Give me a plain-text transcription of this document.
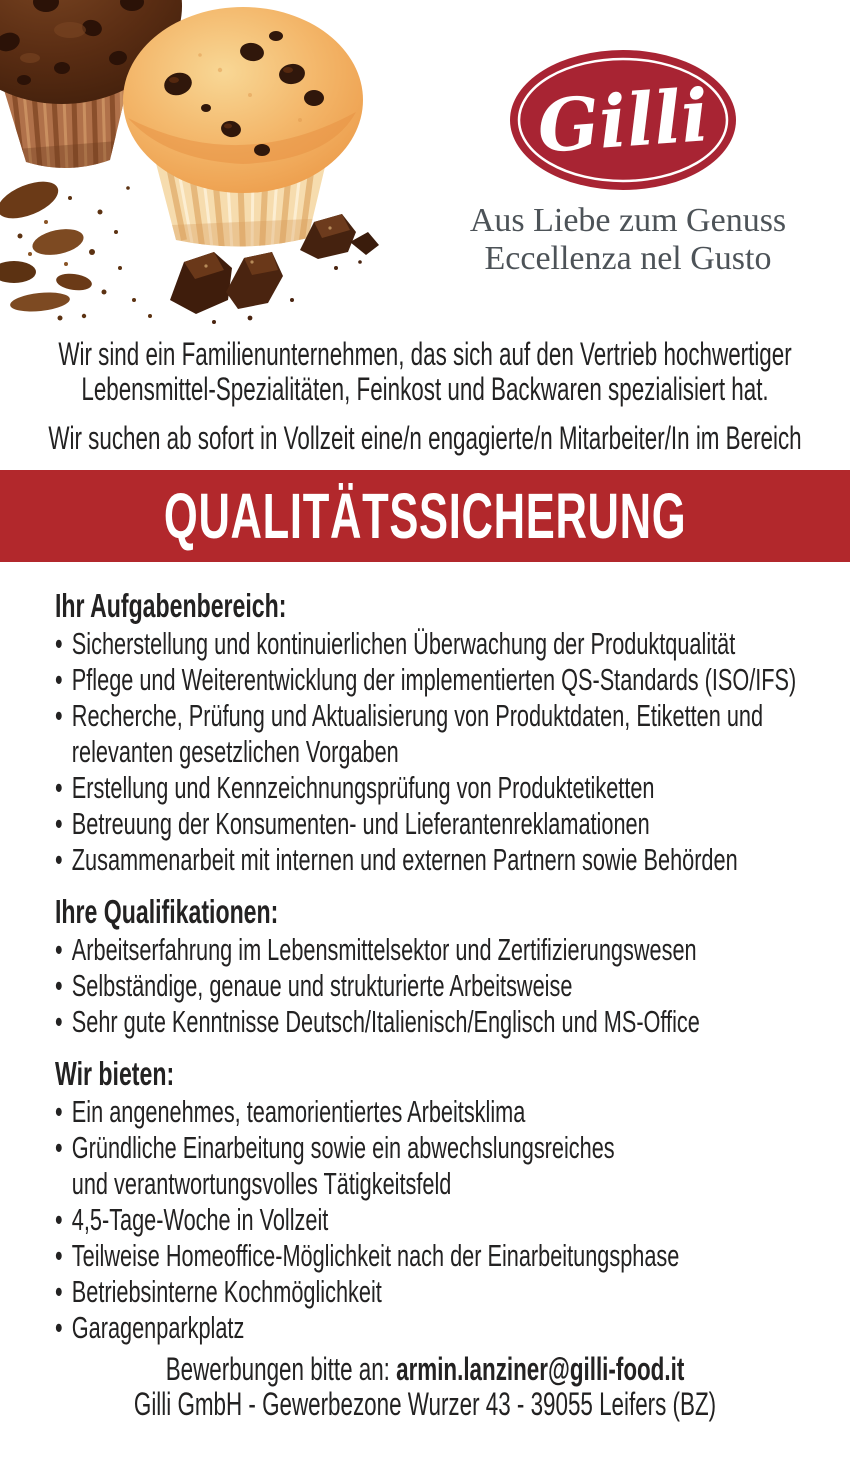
Gilli
Aus Liebe zum Genuss
Eccellenza nel Gusto
Wir sind ein Familienunternehmen, das sich auf den Vertrieb hochwertiger
Lebensmittel-Spezialitäten, Feinkost und Backwaren spezialisiert hat.
Wir suchen ab sofort in Vollzeit eine/n engagierte/n Mitarbeiter/In im Bereich
QUALITÄTSSICHERUNG
Ihr Aufgabenbereich:
• Sicherstellung und kontinuierlichen Überwachung der Produktqualität
• Pflege und Weiterentwicklung der implementierten QS-Standards (ISO/IFS)
• Recherche, Prüfung und Aktualisierung von Produktdaten, Etiketten und
relevanten gesetzlichen Vorgaben
• Erstellung und Kennzeichnungsprüfung von Produktetiketten
• Betreuung der Konsumenten- und Lieferantenreklamationen
• Zusammenarbeit mit internen und externen Partnern sowie Behörden
Ihre Qualifikationen:
• Arbeitserfahrung im Lebensmittelsektor und Zertifizierungswesen
• Selbständige, genaue und strukturierte Arbeitsweise
• Sehr gute Kenntnisse Deutsch/Italienisch/Englisch und MS-Office
Wir bieten:
• Ein angenehmes, teamorientiertes Arbeitsklima
• Gründliche Einarbeitung sowie ein abwechslungsreiches
und verantwortungsvolles Tätigkeitsfeld
• 4,5-Tage-Woche in Vollzeit
• Teilweise Homeoffice-Möglichkeit nach der Einarbeitungsphase
• Betriebsinterne Kochmöglichkeit
• Garagenparkplatz
Bewerbungen bitte an: armin.lanziner@gilli-food.it
Gilli GmbH - Gewerbezone Wurzer 43 - 39055 Leifers (BZ)
